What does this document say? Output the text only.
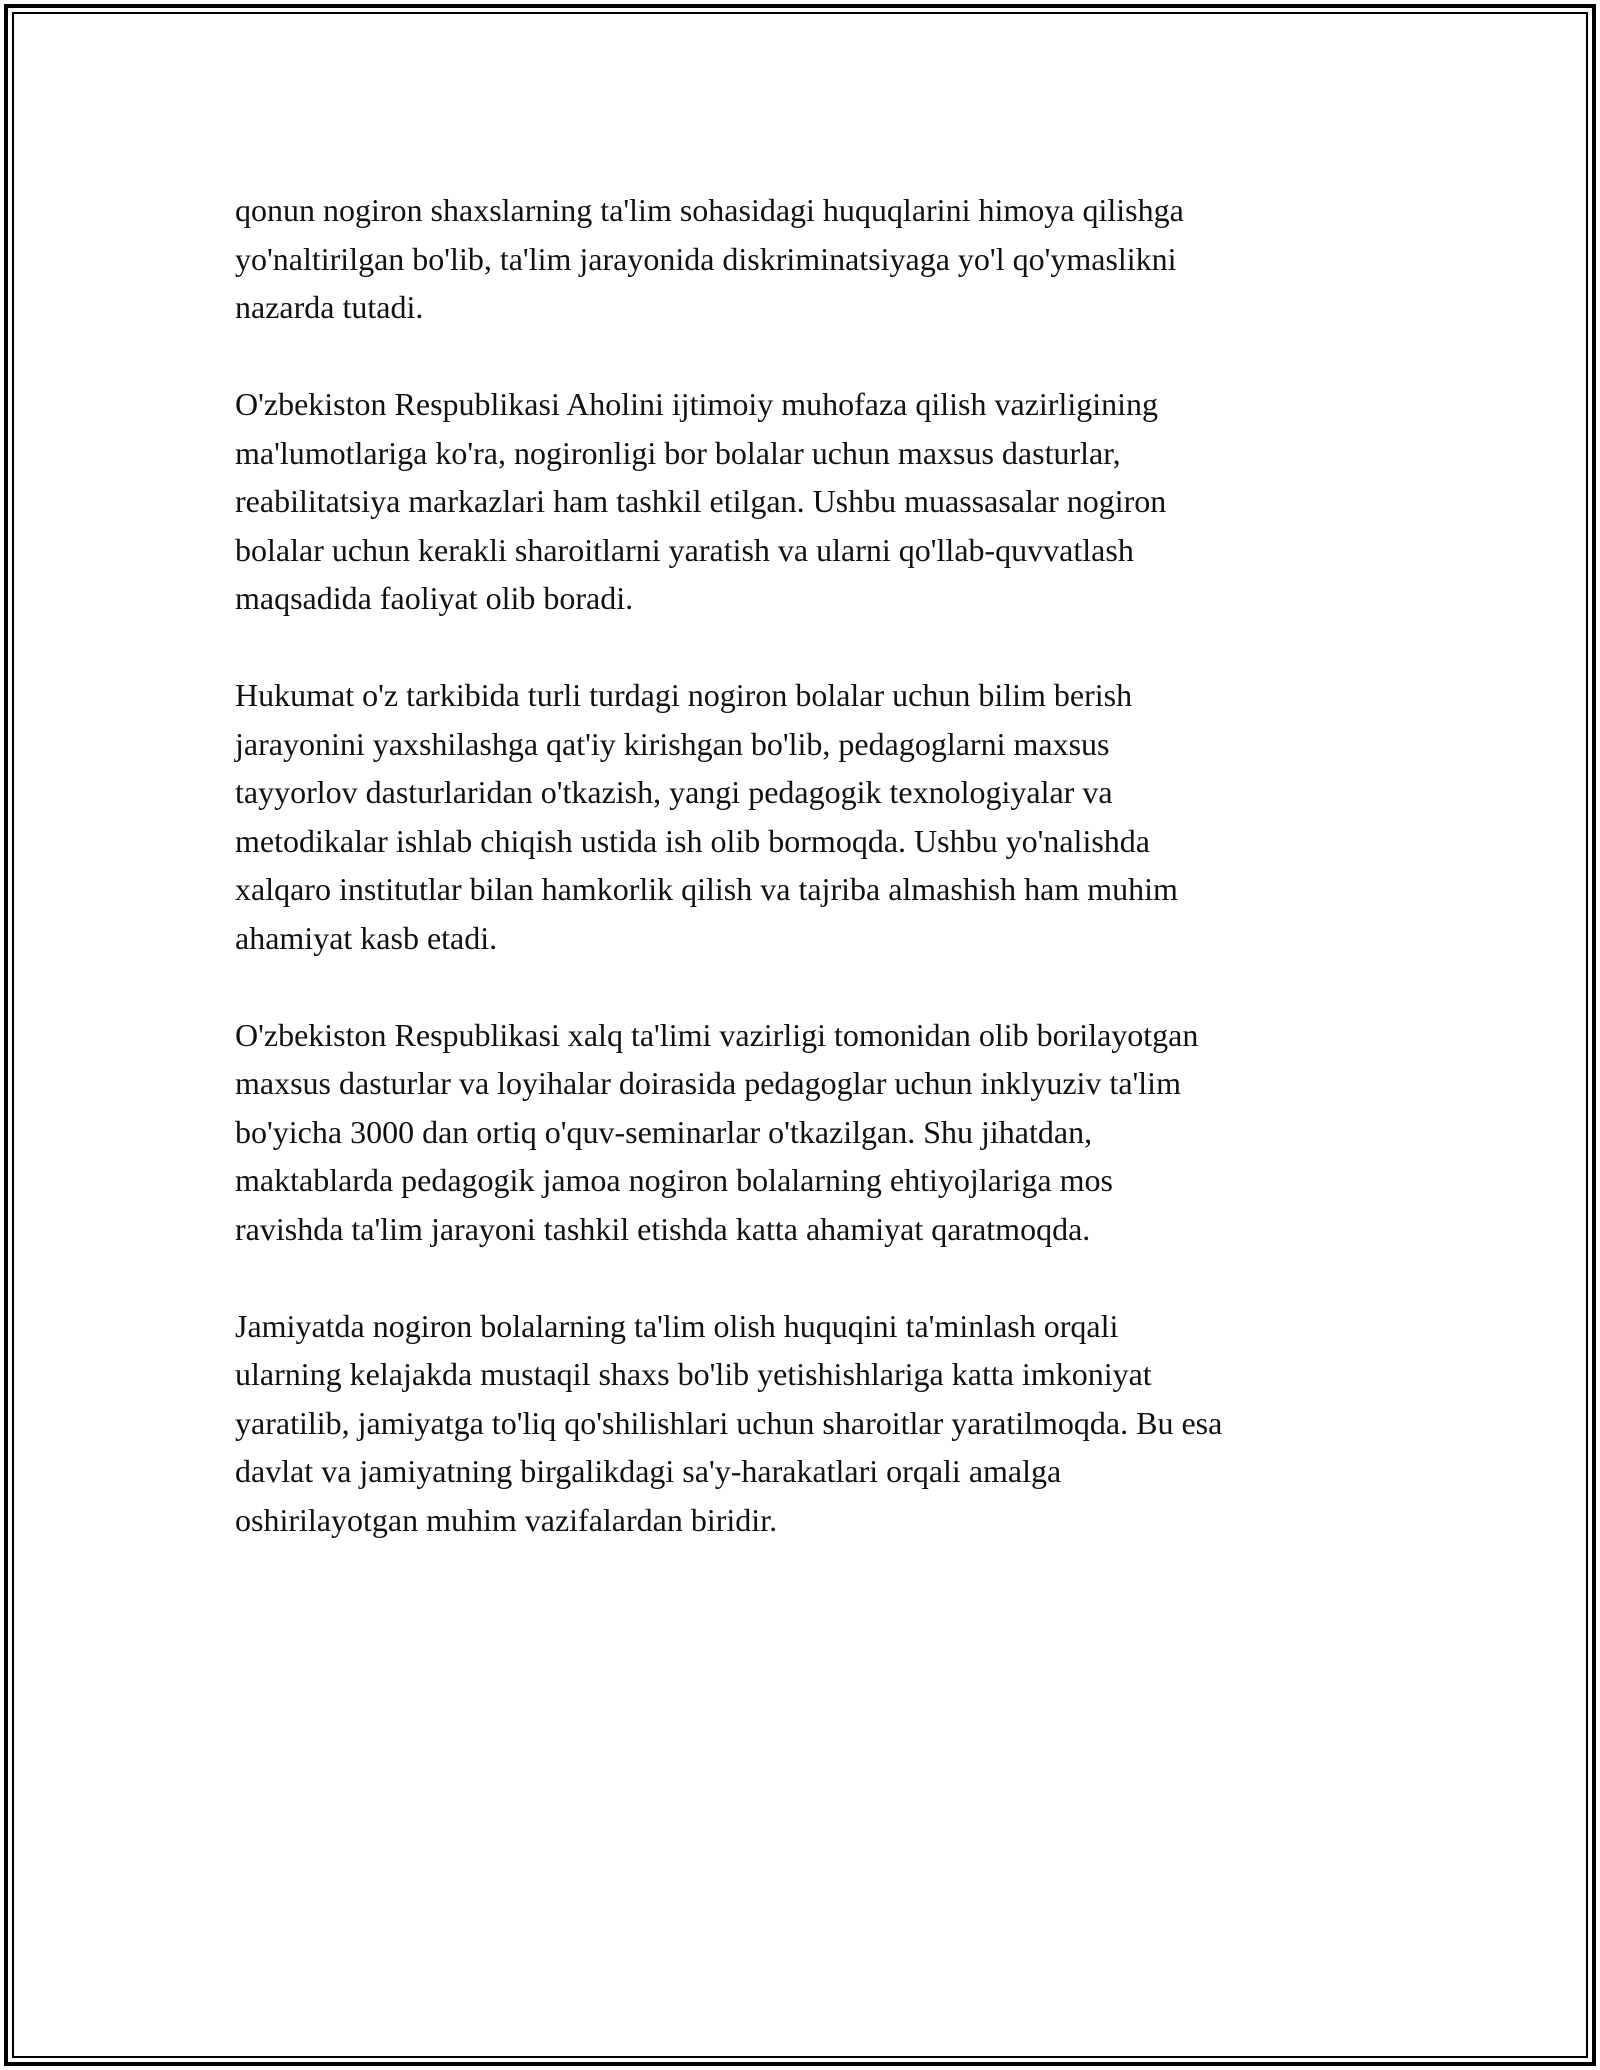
qonun nogiron shaxslarning ta'lim sohasidagi huquqlarini himoya qilishga
yo'naltirilgan bo'lib, ta'lim jarayonida diskriminatsiyaga yo'l qo'ymaslikni
nazarda tutadi.

O'zbekiston Respublikasi Aholini ijtimoiy muhofaza qilish vazirligining
ma'lumotlariga ko'ra, nogironligi bor bolalar uchun maxsus dasturlar,
reabilitatsiya markazlari ham tashkil etilgan. Ushbu muassasalar nogiron
bolalar uchun kerakli sharoitlarni yaratish va ularni qo'llab-quvvatlash
maqsadida faoliyat olib boradi.

Hukumat o'z tarkibida turli turdagi nogiron bolalar uchun bilim berish
jarayonini yaxshilashga qat'iy kirishgan bo'lib, pedagoglarni maxsus
tayyorlov dasturlaridan o'tkazish, yangi pedagogik texnologiyalar va
metodikalar ishlab chiqish ustida ish olib bormoqda. Ushbu yo'nalishda
xalqaro institutlar bilan hamkorlik qilish va tajriba almashish ham muhim
ahamiyat kasb etadi.

O'zbekiston Respublikasi xalq ta'limi vazirligi tomonidan olib borilayotgan
maxsus dasturlar va loyihalar doirasida pedagoglar uchun inklyuziv ta'lim
bo'yicha 3000 dan ortiq o'quv-seminarlar o'tkazilgan. Shu jihatdan,
maktablarda pedagogik jamoa nogiron bolalarning ehtiyojlariga mos
ravishda ta'lim jarayoni tashkil etishda katta ahamiyat qaratmoqda.

Jamiyatda nogiron bolalarning ta'lim olish huquqini ta'minlash orqali
ularning kelajakda mustaqil shaxs bo'lib yetishishlariga katta imkoniyat
yaratilib, jamiyatga to'liq qo'shilishlari uchun sharoitlar yaratilmoqda. Bu esa
davlat va jamiyatning birgalikdagi sa'y-harakatlari orqali amalga
oshirilayotgan muhim vazifalardan biridir.
